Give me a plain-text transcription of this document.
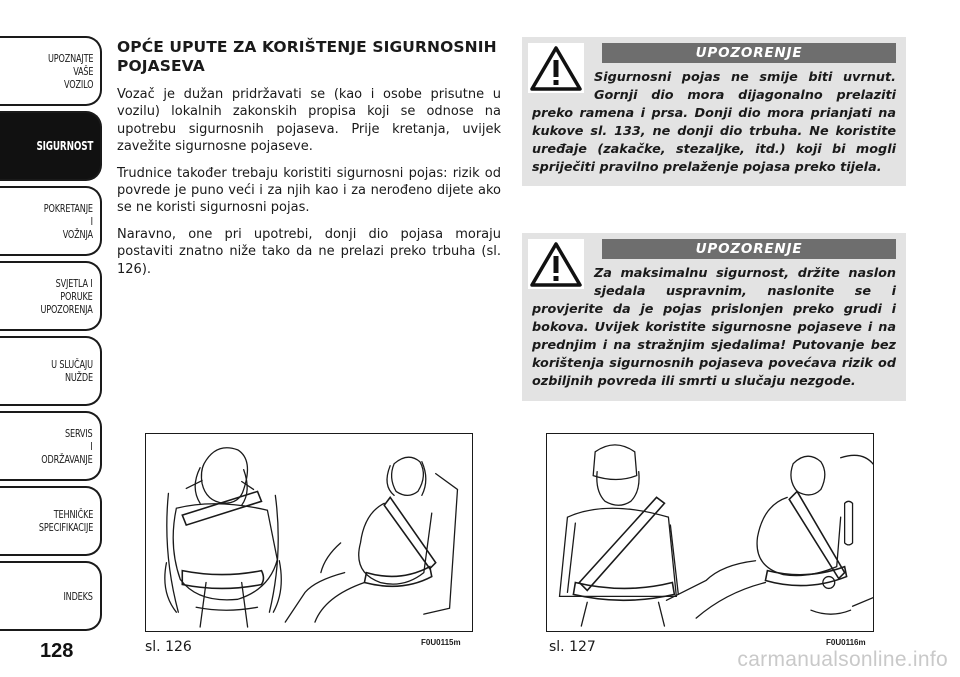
UPOZNAJTE
VAŠE
VOZILO
SIGURNOST
POKRETANJE
I
VOŽNJA
SVJETLA I
PORUKE
UPOZORENJA
U SLUČAJU
NUŽDE
SERVIS
I
ODRŽAVANJE
TEHNIČKE
SPECIFIKACIJE
INDEKS
128
OPĆE UPUTE ZA KORIŠTENJE SIGURNOSNIH POJASEVA

Vozač je dužan pridržavati se (kao i osobe prisutne u vozilu) lokalnih zakonskih propisa koji se odnose na upotrebu sigurnosnih pojaseva. Prije kretanja, uvijek zavežite sigurnosne pojaseve.

Trudnice također trebaju koristiti sigurnosni pojas: rizik od povrede je puno veći i za njih kao i za nerođeno dijete ako se ne koristi sigurnosni pojas.

Naravno, one pri upotrebi, donji dio pojasa moraju postaviti znatno niže tako da ne prelazi preko trbuha (sl. 126).

UPOZORENJE
Sigurnosni pojas ne smije biti uvrnut. Gornji dio mora dijagonalno prelaziti preko ramena i prsa. Donji dio mora prianjati na kukove sl. 133, ne donji dio trbuha. Ne koristite uređaje (zakačke, stezaljke, itd.) koji bi mogli spriječiti pravilno prelaženje pojasa preko tijela.
UPOZORENJE
Za maksimalnu sigurnost, držite naslon sjedala uspravnim, naslonite se i provjerite da je pojas prislonjen preko grudi i bokova. Uvijek koristite sigurnosne pojaseve i na prednjim i na stražnjim sjedalima! Putovanje bez korištenja sigurnosnih pojaseva povećava rizik od ozbiljnih povreda ili smrti u slučaju nezgode.
sl. 126	F0U0115m	sl. 127	F0U0116m
carmanualsonline.info
